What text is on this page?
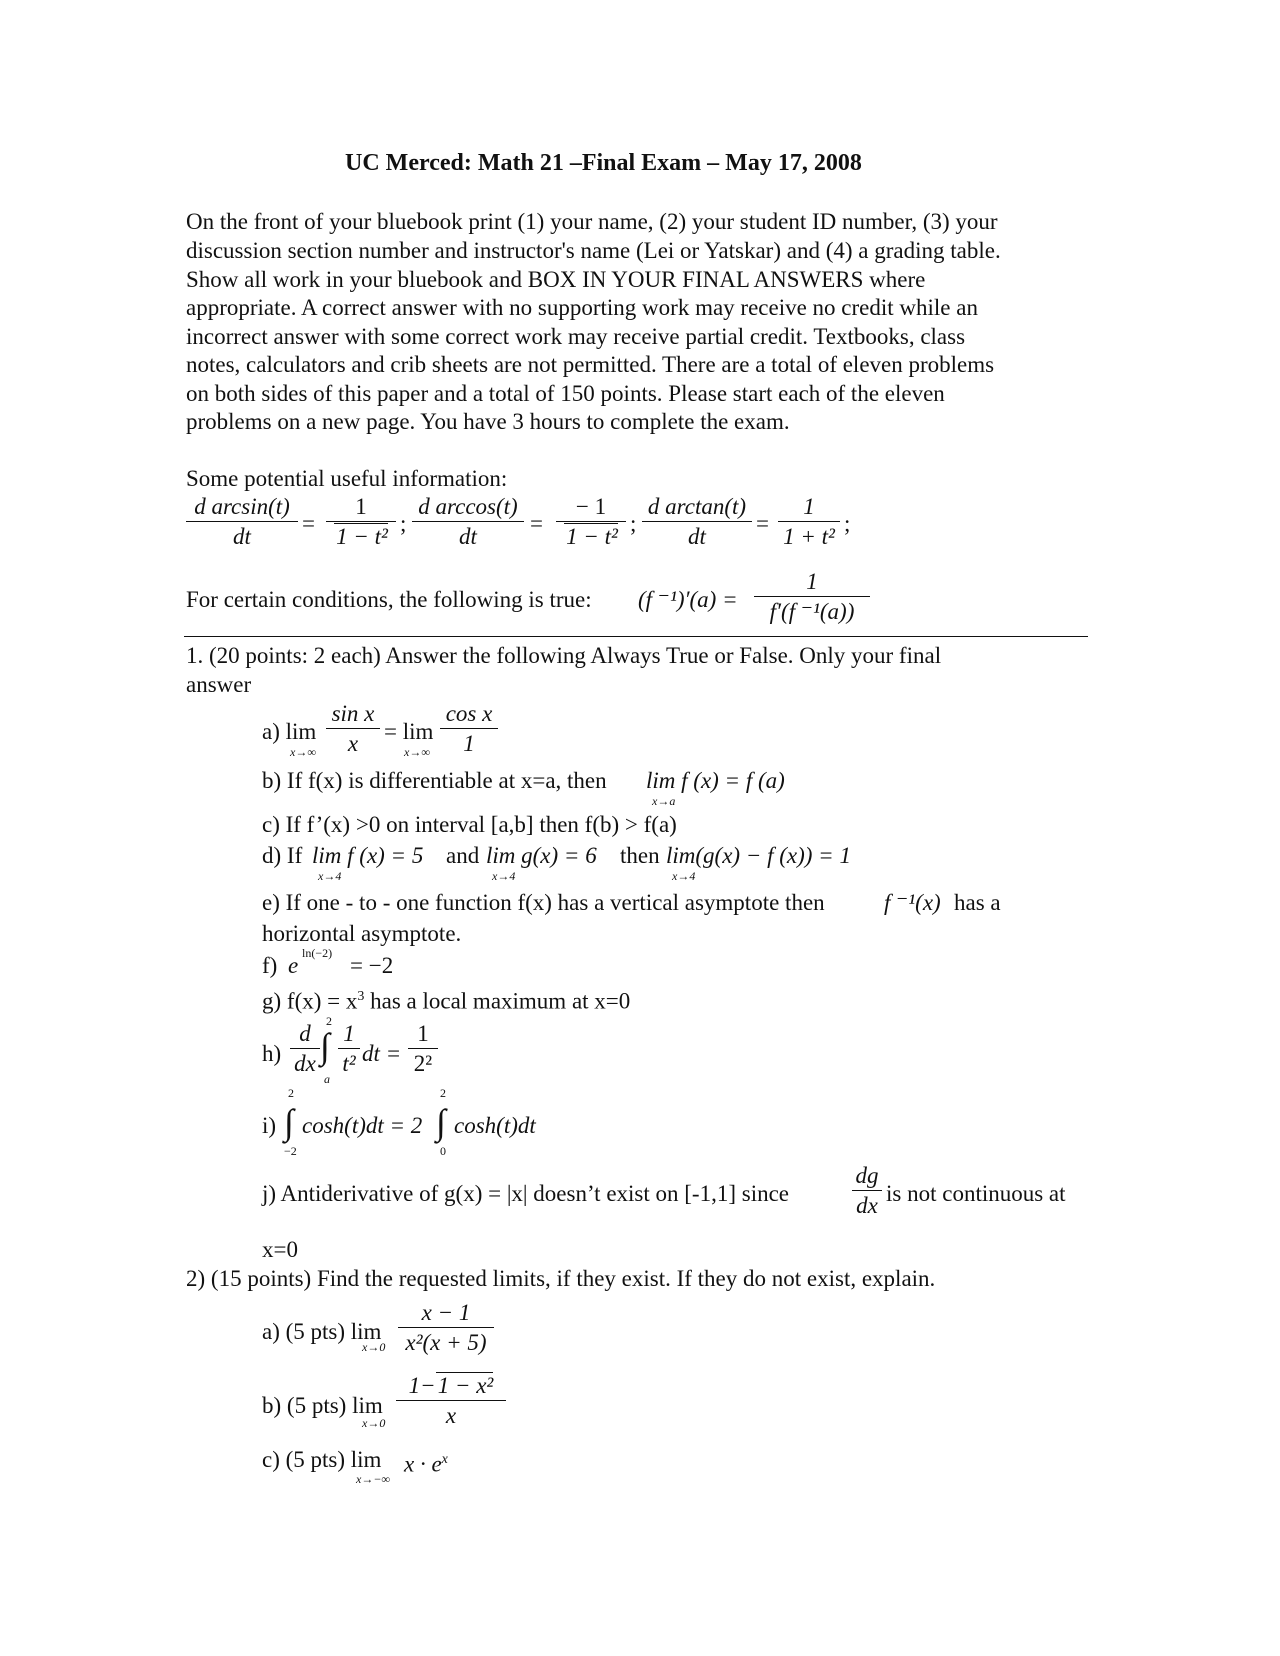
UC Merced: Math 21 –Final Exam – May 17, 2008
On the front of your bluebook print (1) your name, (2) your student ID number, (3) your
discussion section number and instructor's name (Lei or Yatskar) and (4) a grading table.
Show all work in your bluebook and BOX IN YOUR FINAL ANSWERS where
appropriate. A correct answer with no supporting work may receive no credit while an
incorrect answer with some correct work may receive partial credit. Textbooks, class
notes, calculators and crib sheets are not permitted. There are a total of eleven problems
on both sides of this paper and a total of 150 points. Please start each of the eleven
problems on a new page. You have 3 hours to complete the exam.
Some potential useful information:
d arcsin(t)
dt
=
1
1 − t²
;
d arccos(t)
dt
=
− 1
1 − t²
;
d arctan(t)
dt
=
1
1 + t²
;
For certain conditions, the following is true: (f ⁻¹)′(a) =
1
f′(f ⁻¹(a))
1. (20 points: 2 each) Answer the following Always True or False. Only your final
answer
a) lim
x→∞
sin x
x	= lim
x→∞
cos x
1
b) If f(x) is differentiable at x=a, then lim f (x) = f (a)
x→a
c) If f’(x) >0 on interval [a,b] then f(b) > f(a)
d) If lim f (x) = 5
x→4
and lim g(x) = 6
x→4
then lim(g(x) − f (x)) = 1
x→4
e) If one - to - one function f(x) has a vertical asymptote then	f ⁻¹(x) has a
horizontal asymptote.
f) e ln(−2) = −2
g) $f(x) = x^3$ has a local maximum at x=0
h)
d
dx
2
∫
a
1
t² dt =
1
2²
i)
2
∫
−2
cosh(t)dt = 2
2
∫
0
cosh(t)dt
j) Antiderivative of g(x) = |x| doesn’t exist on [-1,1] since
dg
dx is not continuous at
x=0
2) (15 points) Find the requested limits, if they exist. If they do not exist, explain.
a) (5 pts) lim
x→0
x − 1
x²(x + 5)
b) (5 pts) lim
x→0
1−1 − x²
x
c) (5 pts) lim
x→−∞
$x \cdot e^x$
